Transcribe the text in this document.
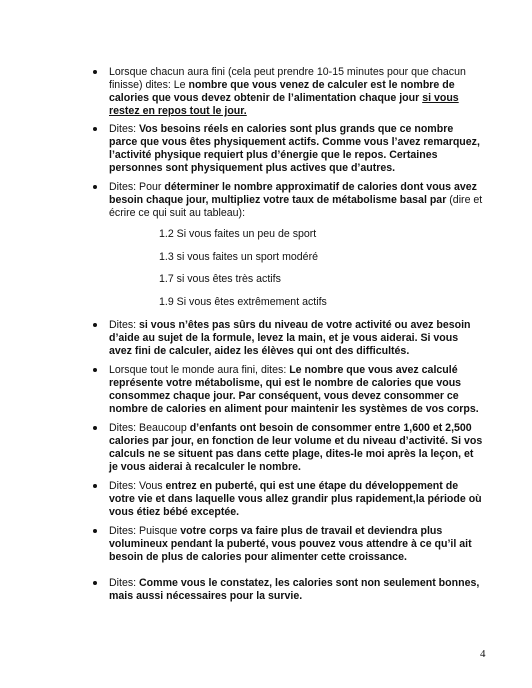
Lorsque chacun aura fini (cela peut prendre 10-15 minutes pour que chacun finisse) dites: Le nombre que vous venez de calculer est le nombre de calories que vous devez obtenir de l’alimentation chaque jour si vous restez en repos tout le jour.
Dites: Vos besoins réels en calories sont plus grands que ce nombre parce que vous êtes physiquement actifs. Comme vous l’avez remarquez, l’activité physique requiert plus d’énergie que le repos. Certaines personnes sont physiquement plus actives que d’autres.
Dites: Pour déterminer le nombre approximatif de calories dont vous avez besoin chaque jour, multipliez votre taux de métabolisme basal par (dire et écrire ce qui suit au tableau):
1.2 Si vous faites un peu de sport
1.3 si vous faites un sport modéré
1.7 si vous êtes très actifs
1.9 Si vous êtes extrêmement actifs
Dites: si vous n’êtes pas sûrs du niveau de votre activité ou avez besoin d’aide au sujet de la formule, levez la main, et je vous aiderai. Si vous avez fini de calculer, aidez les élèves qui ont des difficultés.
Lorsque tout le monde aura fini, dites: Le nombre que vous avez calculé représente votre métabolisme, qui est le nombre de calories que vous consommez chaque jour. Par conséquent, vous devez consommer ce nombre de calories en aliment pour maintenir les systèmes de vos corps.
Dites: Beaucoup d’enfants ont besoin de consommer entre 1,600 et 2,500 calories par jour, en fonction de leur volume et du niveau d’activité. Si vos calculs ne se situent pas dans cette plage, dites-le moi après la leçon, et je vous aiderai à recalculer le nombre.
Dites: Vous entrez en puberté, qui est une étape du développement de votre vie et dans laquelle vous allez grandir plus rapidement,la période où vous étiez bébé exceptée.
Dites: Puisque votre corps va faire plus de travail et deviendra plus volumineux pendant la puberté, vous pouvez vous attendre à ce qu’il ait besoin de plus de calories pour alimenter cette croissance.
Dites: Comme vous le constatez, les calories sont non seulement bonnes, mais aussi nécessaires pour la survie.
4
